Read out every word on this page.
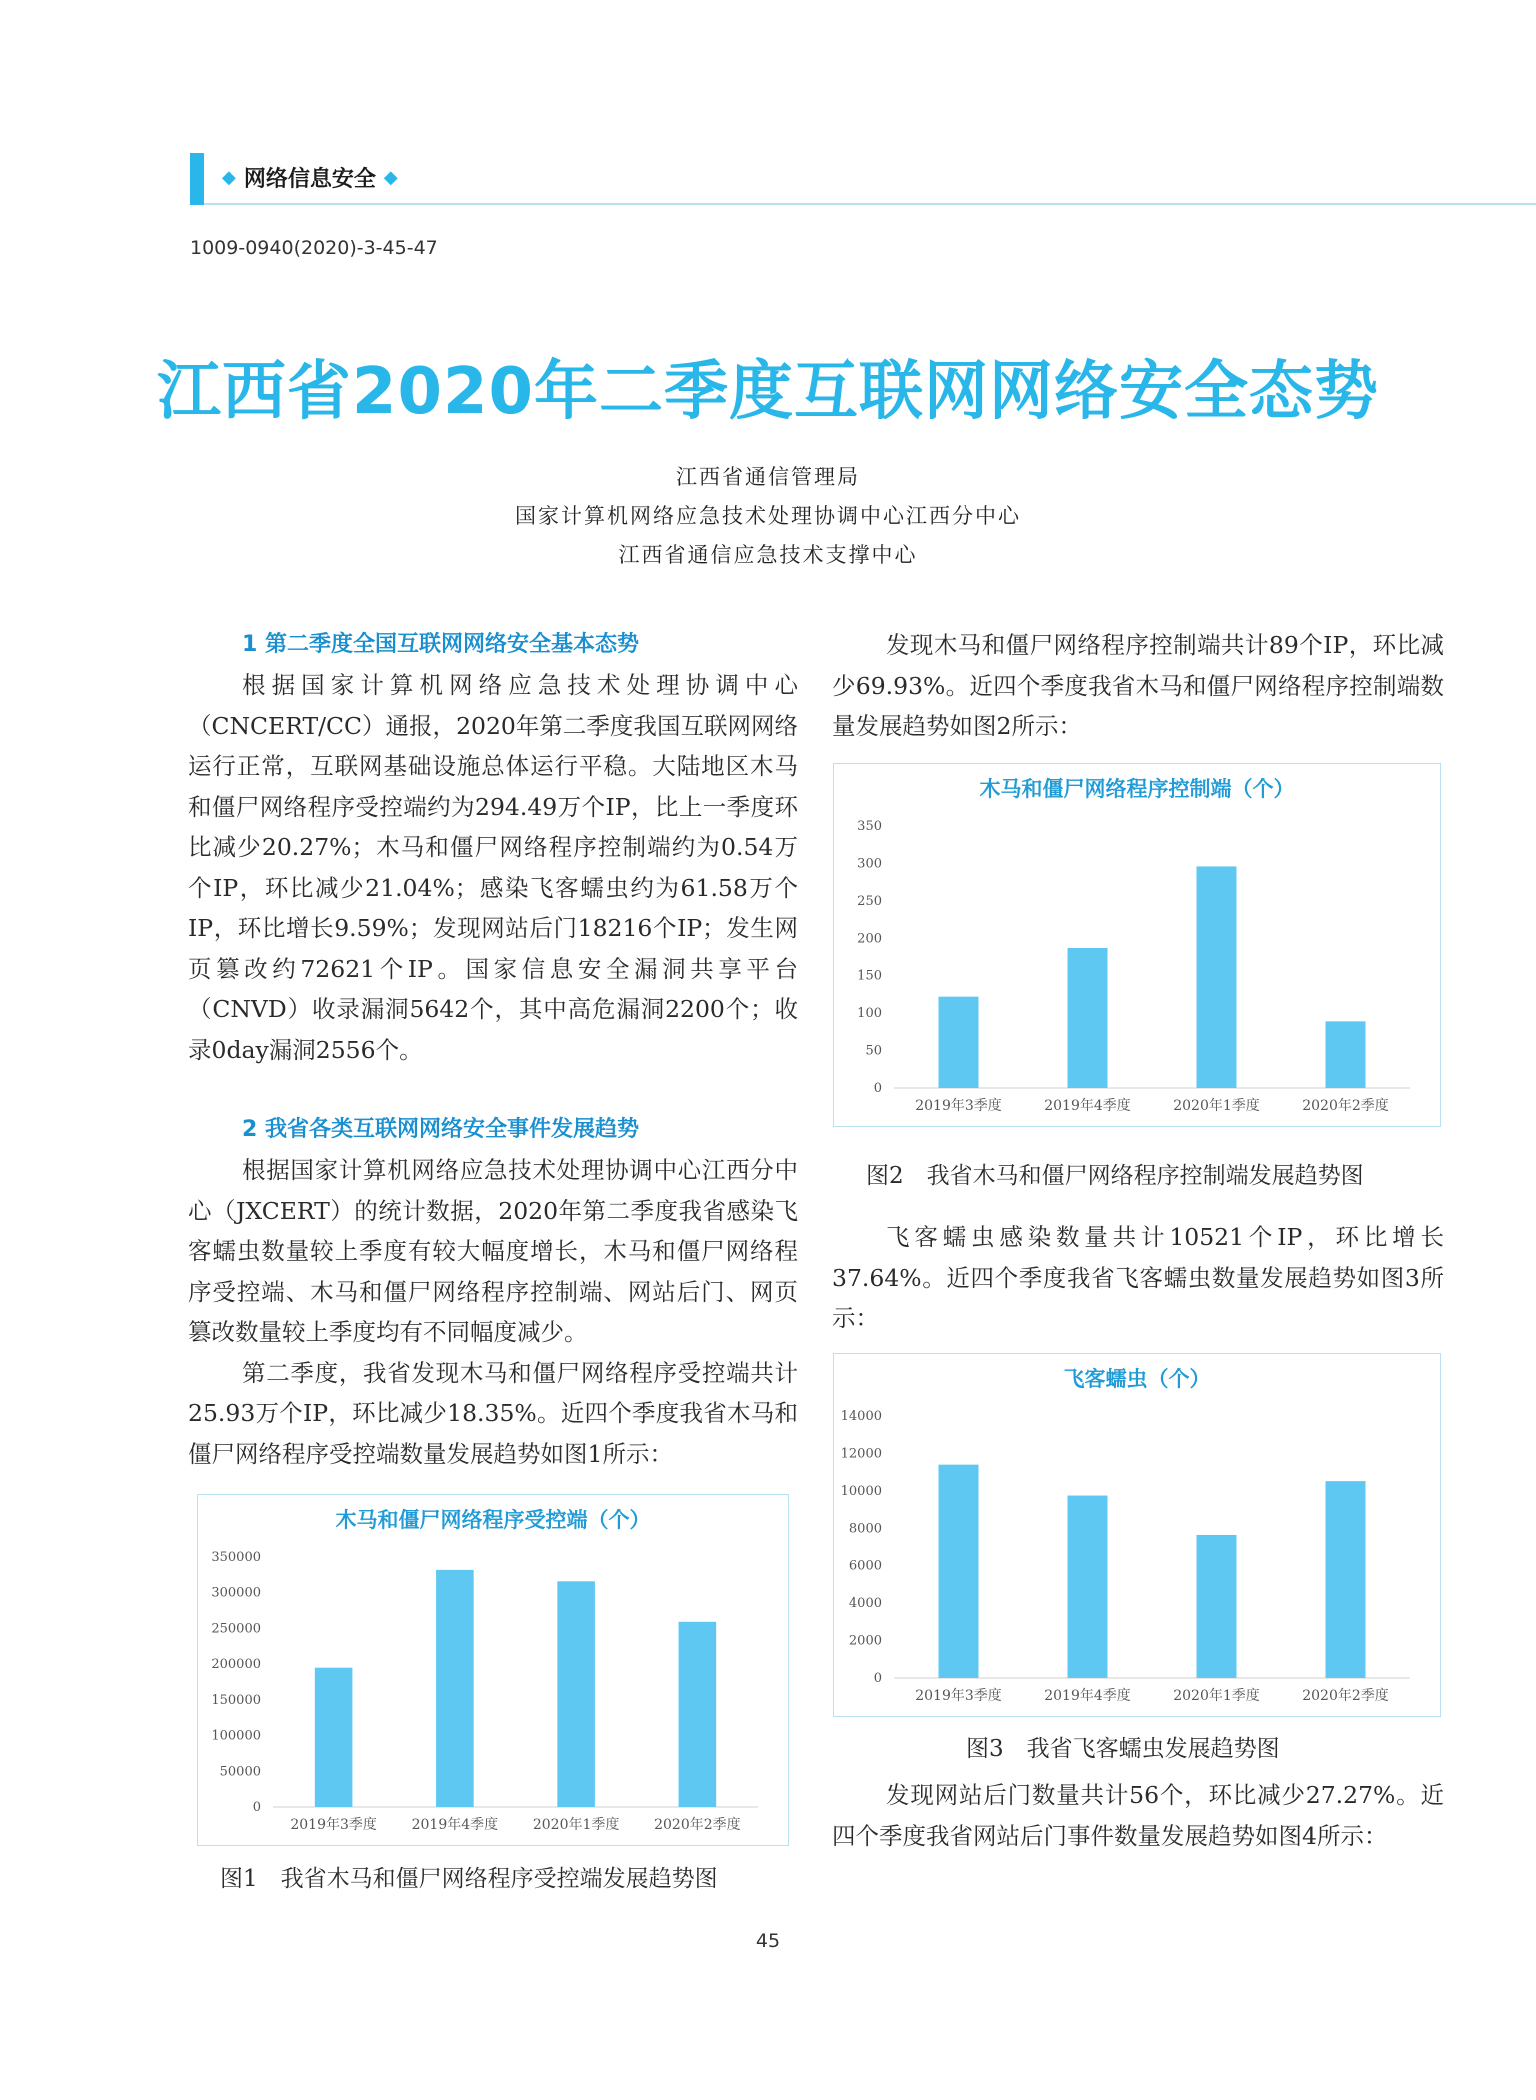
◆ 网络信息安全 ◆
1009-0940(2020)-3-45-47
江西省2020年二季度互联网网络安全态势
江西省通信管理局
国家计算机网络应急技术处理协调中心江西分中心
江西省通信应急技术支撑中心
1 第二季度全国互联网网络安全基本态势

根据国家计算机网络应急技术处理协调中心（CNCERT/CC）通报，2020年第二季度我国互联网网络运行正常，互联网基础设施总体运行平稳。大陆地区木马和僵尸网络程序受控端约为294.49万个IP，比上一季度环比减少20.27%；木马和僵尸网络程序控制端约为0.54万个IP，环比减少21.04%；感染飞客蠕虫约为61.58万个IP，环比增长9.59%；发现网站后门18216个IP；发生网页篡改约72621个IP。国家信息安全漏洞共享平台（CNVD）收录漏洞5642个，其中高危漏洞2200个；收录0day漏洞2556个。

2 我省各类互联网网络安全事件发展趋势

根据国家计算机网络应急技术处理协调中心江西分中心（JXCERT）的统计数据，2020年第二季度我省感染飞客蠕虫数量较上季度有较大幅度增长，木马和僵尸网络程序受控端、木马和僵尸网络程序控制端、网站后门、网页篡改数量较上季度均有不同幅度减少。

第二季度，我省发现木马和僵尸网络程序受控端共计25.93万个IP，环比减少18.35%。近四个季度我省木马和僵尸网络程序受控端数量发展趋势如图1所示：

木马和僵尸网络程序受控端（个）
0
50000
100000
150000
200000
250000
300000
350000
2019年3季度 2019年4季度 2020年1季度 2020年2季度
图1　我省木马和僵尸网络程序受控端发展趋势图

发现木马和僵尸网络程序控制端共计89个IP，环比减少69.93%。近四个季度我省木马和僵尸网络程序控制端数量发展趋势如图2所示：

木马和僵尸网络程序控制端（个）
0
50
100
150
200
250
300
350
2019年3季度	2019年4季度	2020年1季度	2020年2季度
图2　我省木马和僵尸网络程序控制端发展趋势图

飞客蠕虫感染数量共计10521个IP，环比增长37.64%。近四个季度我省飞客蠕虫数量发展趋势如图3所示：

飞客蠕虫（个）
0
2000
4000
6000
8000
10000
12000
14000
2019年3季度	2019年4季度	2020年1季度	2020年2季度
图3　我省飞客蠕虫发展趋势图

发现网站后门数量共计56个，环比减少27.27%。近四个季度我省网站后门事件数量发展趋势如图4所示：

45
